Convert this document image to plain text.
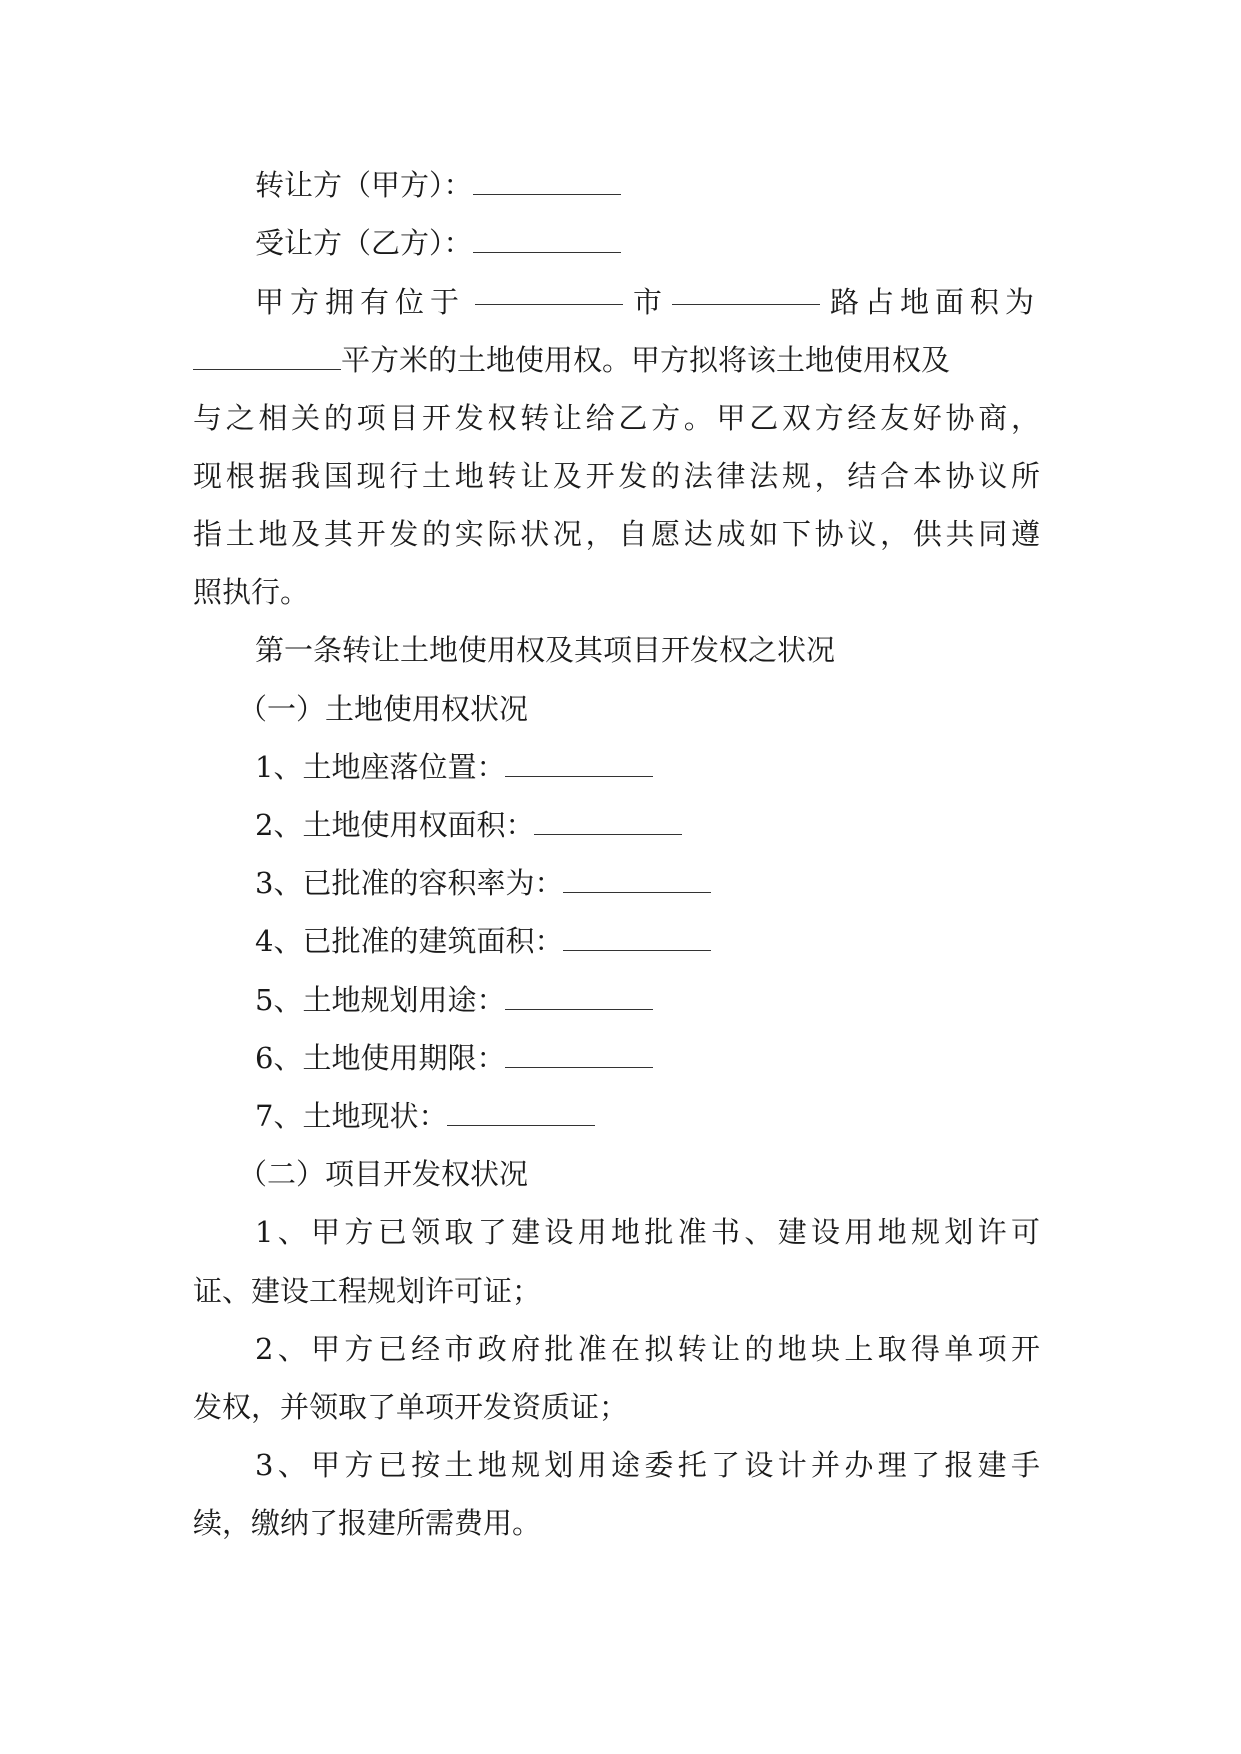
转让方（甲方）：
受让方（乙方）：
甲方拥有位于	市	路占地面积为
平方米的土地使用权。甲方拟将该土地使用权及
与之相关的项目开发权转让给乙方。甲乙双方经友好协商，
现根据我国现行土地转让及开发的法律法规，结合本协议所
指土地及其开发的实际状况，自愿达成如下协议，供共同遵
照执行。
第一条转让土地使用权及其项目开发权之状况
（一）土地使用权状况
1、土地座落位置：
2、土地使用权面积：
3、已批准的容积率为：
4、已批准的建筑面积：
5、土地规划用途：
6、土地使用期限：
7、土地现状：
（二）项目开发权状况
1、甲方已领取了建设用地批准书、建设用地规划许可
证、建设工程规划许可证；
2、甲方已经市政府批准在拟转让的地块上取得单项开
发权，并领取了单项开发资质证；
3、甲方已按土地规划用途委托了设计并办理了报建手
续，缴纳了报建所需费用。
